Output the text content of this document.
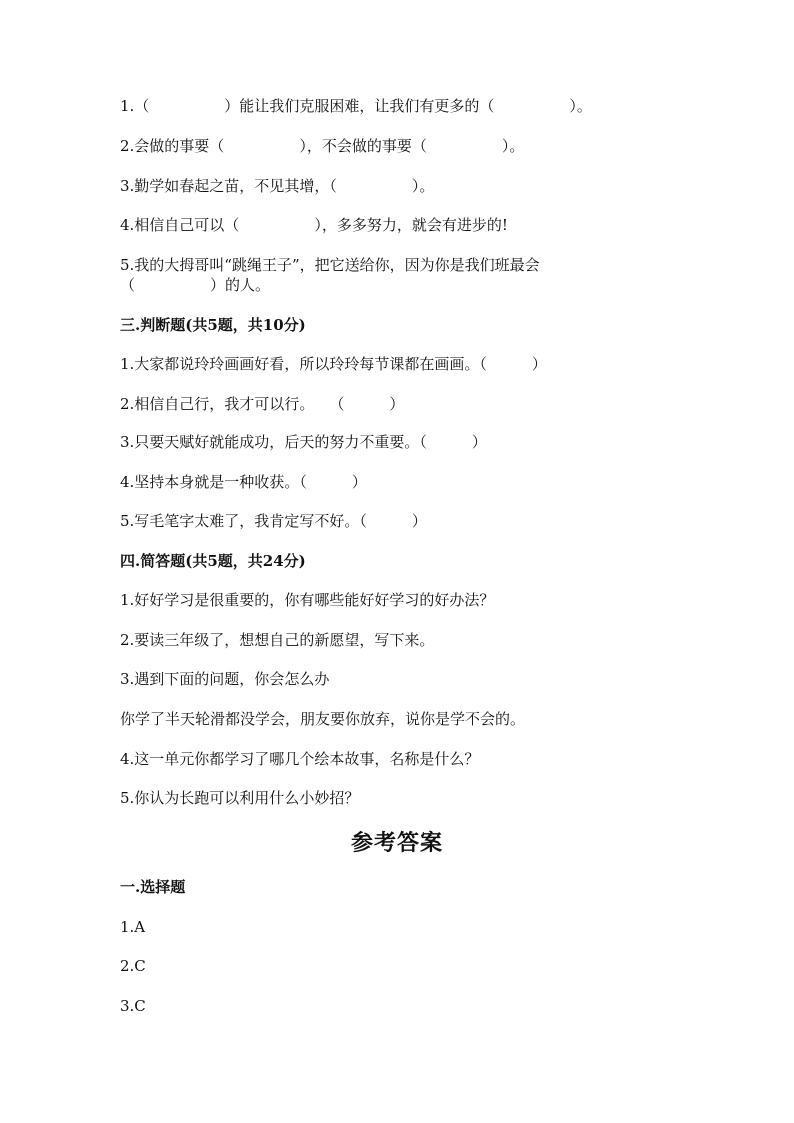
1.（　　　　　）能让我们克服困难，让我们有更多的（　　　　　）。
2.会做的事要（　　　　　），不会做的事要（　　　　　）。
3.勤学如春起之苗，不见其增，（　　　　　）。
4.相信自己可以（　　　　　），多多努力，就会有进步的!
5.我的大拇哥叫“跳绳王子”，把它送给你，因为你是我们班最会
（　　　　　）的人。
三.判断题(共5题，共10分)
1.大家都说玲玲画画好看，所以玲玲每节课都在画画。（　　　）
2.相信自己行，我才可以行。　　（　　　）
3.只要天赋好就能成功，后天的努力不重要。（　　　）
4.坚持本身就是一种收获。（　　　）
5.写毛笔字太难了，我肯定写不好。（　　　）
四.简答题(共5题，共24分)
1.好好学习是很重要的，你有哪些能好好学习的好办法？
2.要读三年级了，想想自己的新愿望，写下来。
3.遇到下面的问题，你会怎么办
你学了半天轮滑都没学会，朋友要你放弃，说你是学不会的。
4.这一单元你都学习了哪几个绘本故事，名称是什么？
5.你认为长跑可以利用什么小妙招？
参考答案
一.选择题
1.A
2.C
3.C
